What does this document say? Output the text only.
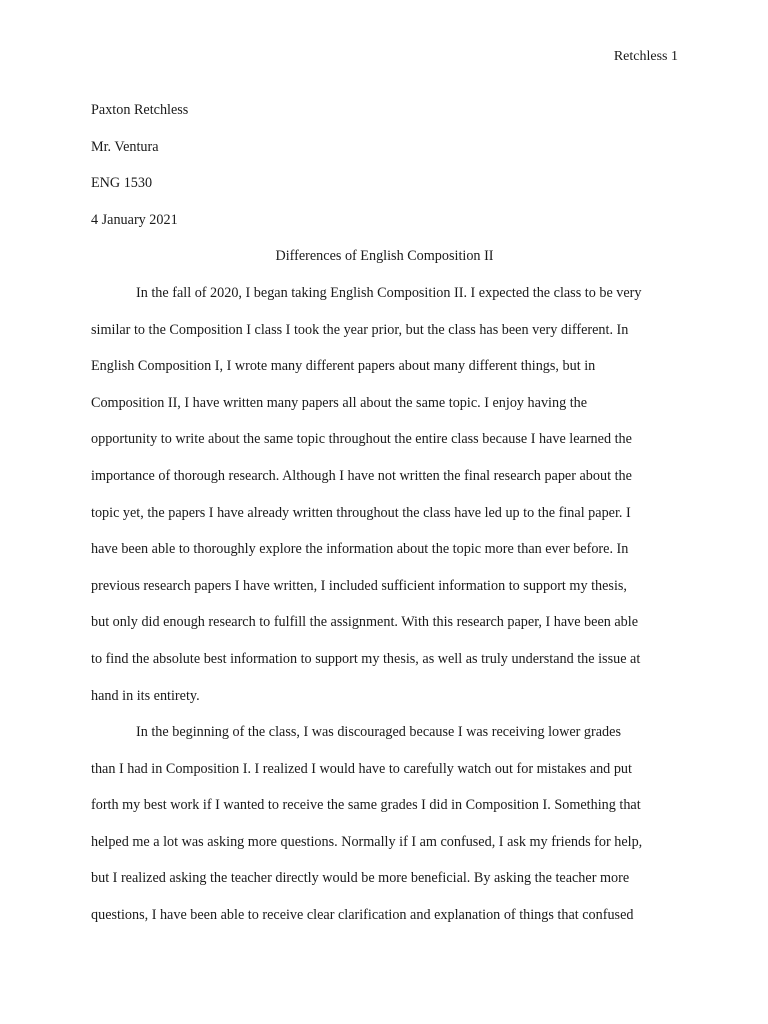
Retchless 1

Paxton Retchless

Mr. Ventura

ENG 1530

4 January 2021

Differences of English Composition II

In the fall of 2020, I began taking English Composition II. I expected the class to be very
similar to the Composition I class I took the year prior, but the class has been very different. In
English Composition I, I wrote many different papers about many different things, but in
Composition II, I have written many papers all about the same topic. I enjoy having the
opportunity to write about the same topic throughout the entire class because I have learned the
importance of thorough research. Although I have not written the final research paper about the
topic yet, the papers I have already written throughout the class have led up to the final paper. I
have been able to thoroughly explore the information about the topic more than ever before. In
previous research papers I have written, I included sufficient information to support my thesis,
but only did enough research to fulfill the assignment. With this research paper, I have been able
to find the absolute best information to support my thesis, as well as truly understand the issue at
hand in its entirety.
In the beginning of the class, I was discouraged because I was receiving lower grades
than I had in Composition I. I realized I would have to carefully watch out for mistakes and put
forth my best work if I wanted to receive the same grades I did in Composition I. Something that
helped me a lot was asking more questions. Normally if I am confused, I ask my friends for help,
but I realized asking the teacher directly would be more beneficial. By asking the teacher more
questions, I have been able to receive clear clarification and explanation of things that confused
